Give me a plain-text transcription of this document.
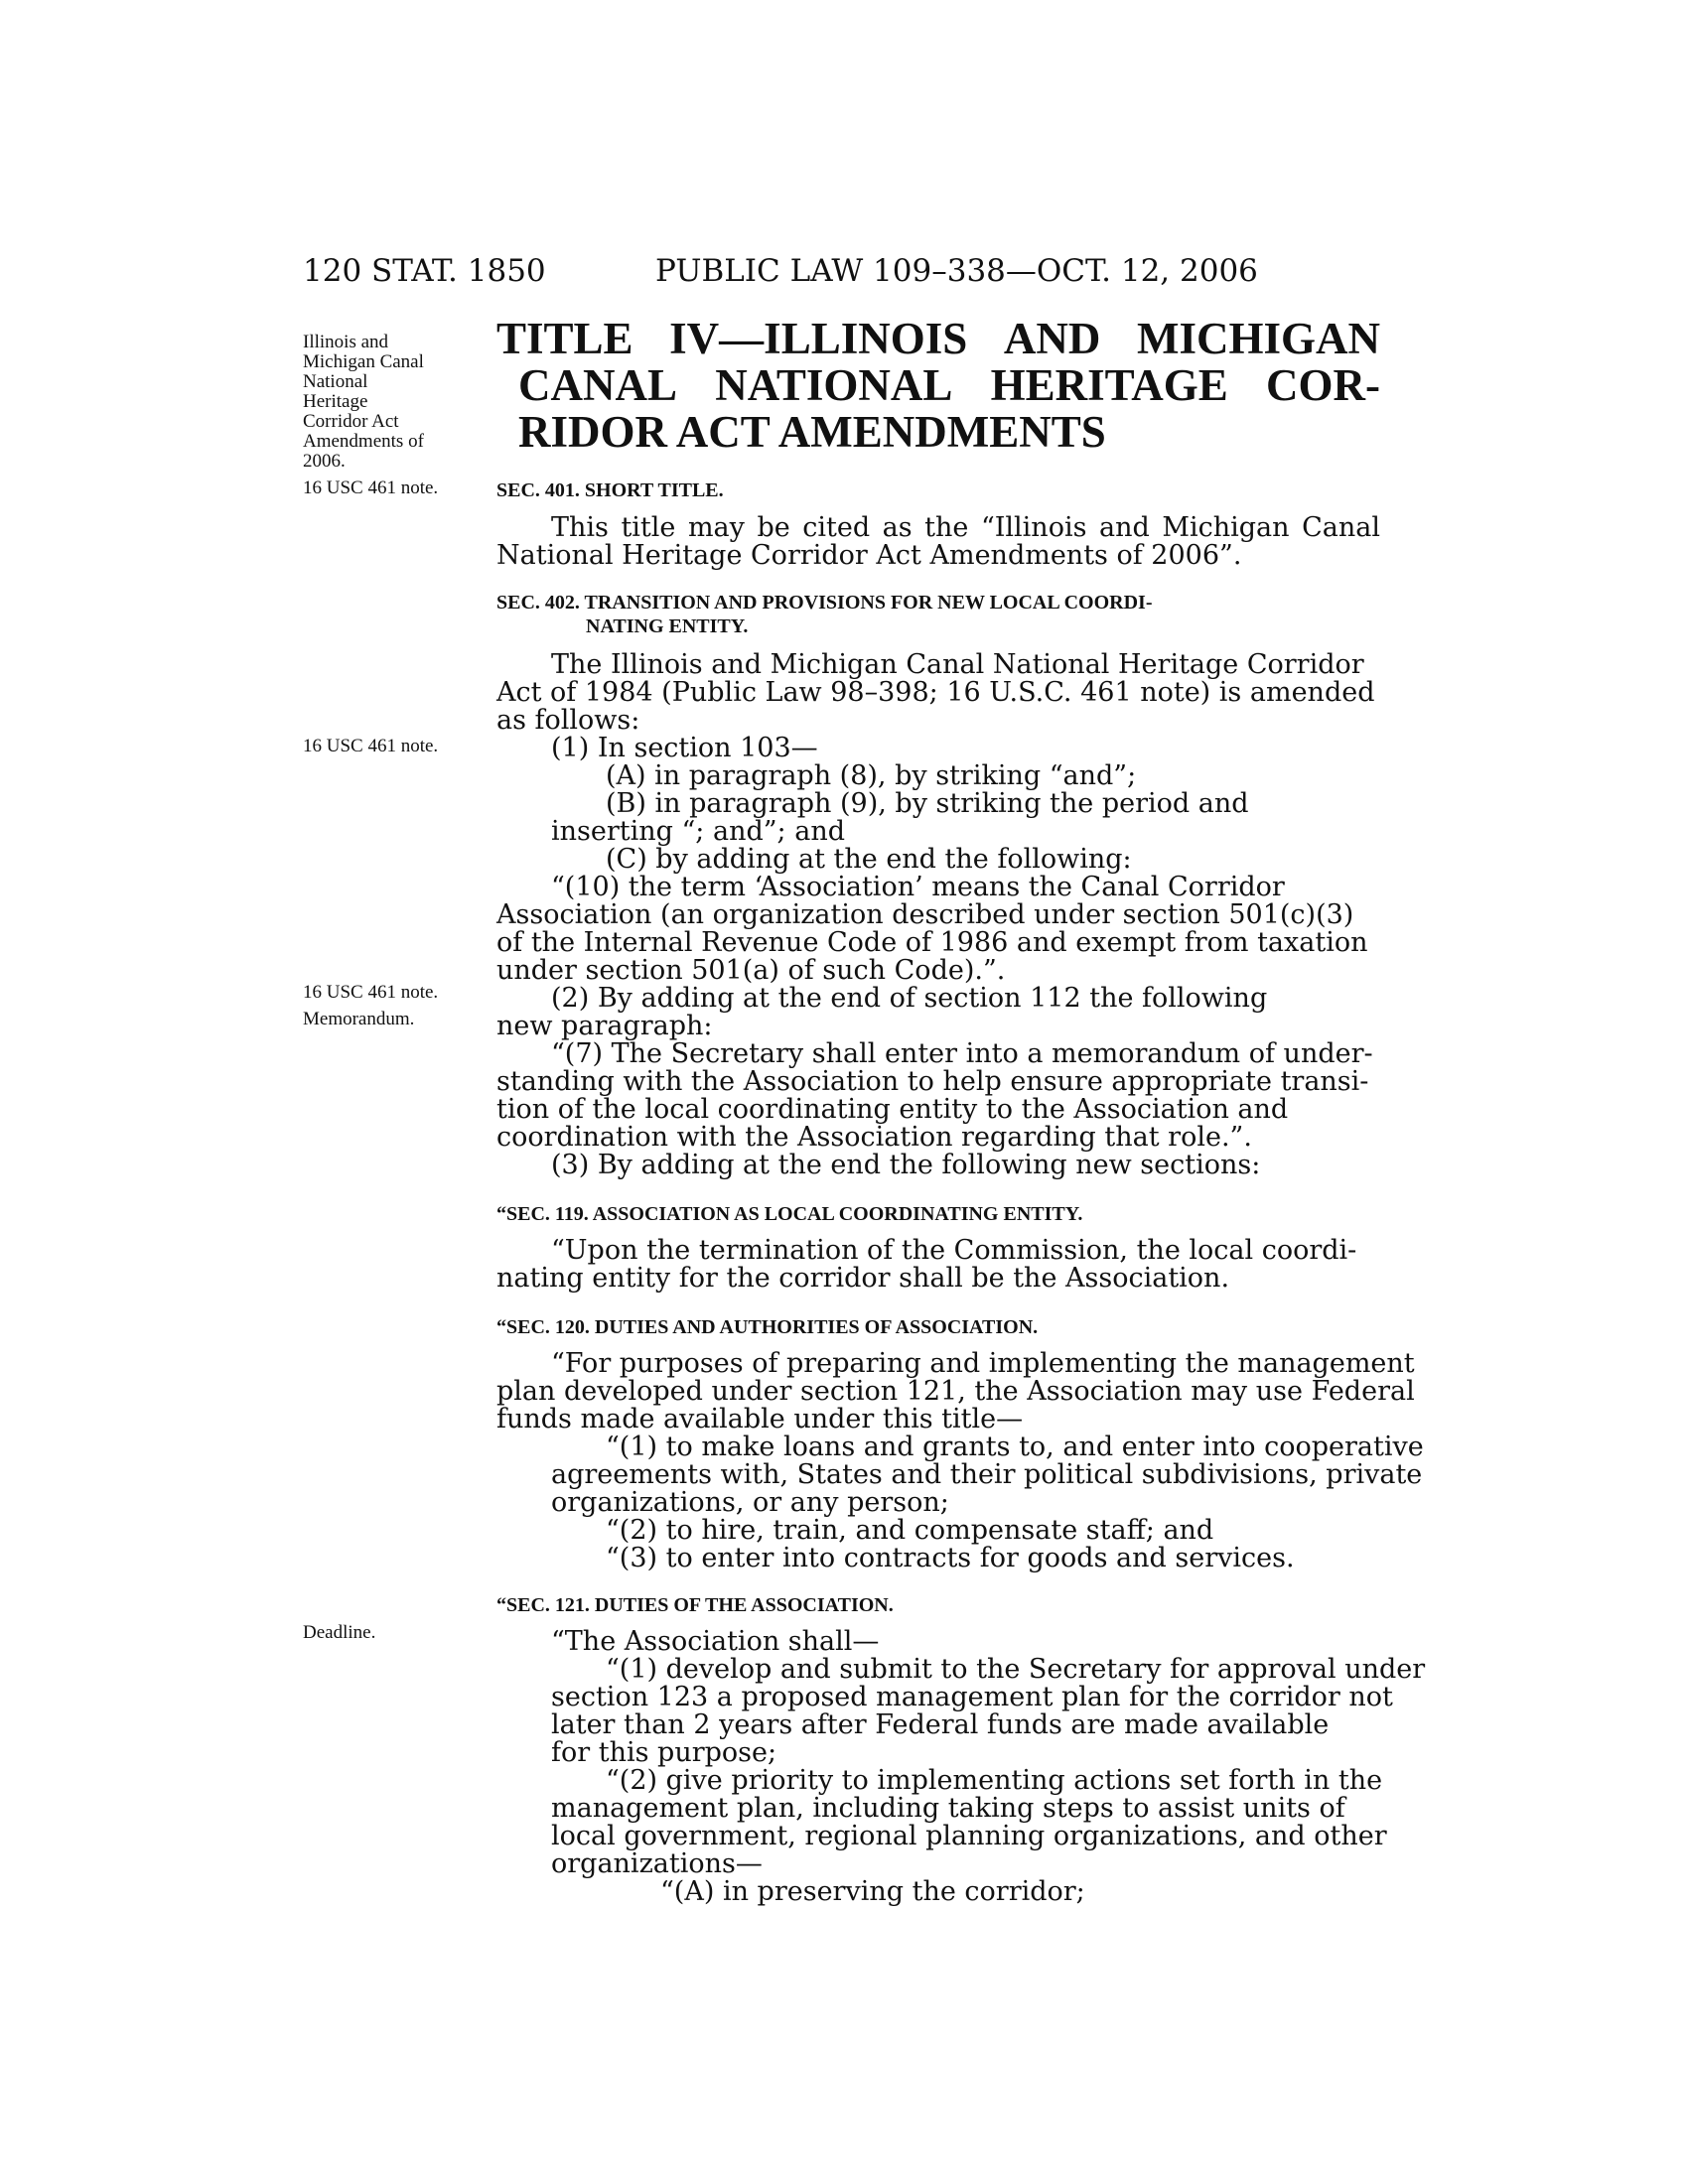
120 STAT. 1850	PUBLIC LAW 109–338—OCT. 12, 2006
Illinois and
Michigan Canal
National
Heritage
Corridor Act
Amendments of
2006.
16 USC 461 note.
16 USC 461 note.
16 USC 461 note.
Memorandum.
Deadline.
TITLE IV—ILLINOIS AND MICHIGAN
CANAL NATIONAL HERITAGE COR-
RIDOR ACT AMENDMENTS
SEC. 401. SHORT TITLE.
This title may be cited as the “Illinois and Michigan Canal
National Heritage Corridor Act Amendments of 2006”.
SEC. 402. TRANSITION AND PROVISIONS FOR NEW LOCAL COORDI-
NATING ENTITY.
The Illinois and Michigan Canal National Heritage Corridor
Act of 1984 (Public Law 98–398; 16 U.S.C. 461 note) is amended
as follows:
(1) In section 103—
(A) in paragraph (8), by striking “and”;
(B) in paragraph (9), by striking the period and
inserting “; and”; and
(C) by adding at the end the following:
“(10) the term ‘Association’ means the Canal Corridor
Association (an organization described under section 501(c)(3)
of the Internal Revenue Code of 1986 and exempt from taxation
under section 501(a) of such Code).”.
(2) By adding at the end of section 112 the following
new paragraph:
“(7) The Secretary shall enter into a memorandum of under-
standing with the Association to help ensure appropriate transi-
tion of the local coordinating entity to the Association and
coordination with the Association regarding that role.”.
(3) By adding at the end the following new sections:
“SEC. 119. ASSOCIATION AS LOCAL COORDINATING ENTITY.
“Upon the termination of the Commission, the local coordi-
nating entity for the corridor shall be the Association.
“SEC. 120. DUTIES AND AUTHORITIES OF ASSOCIATION.
“For purposes of preparing and implementing the management
plan developed under section 121, the Association may use Federal
funds made available under this title—
“(1) to make loans and grants to, and enter into cooperative
agreements with, States and their political subdivisions, private
organizations, or any person;
“(2) to hire, train, and compensate staff; and
“(3) to enter into contracts for goods and services.
“SEC. 121. DUTIES OF THE ASSOCIATION.
“The Association shall—
“(1) develop and submit to the Secretary for approval under
section 123 a proposed management plan for the corridor not
later than 2 years after Federal funds are made available
for this purpose;
“(2) give priority to implementing actions set forth in the
management plan, including taking steps to assist units of
local government, regional planning organizations, and other
organizations—
“(A) in preserving the corridor;
